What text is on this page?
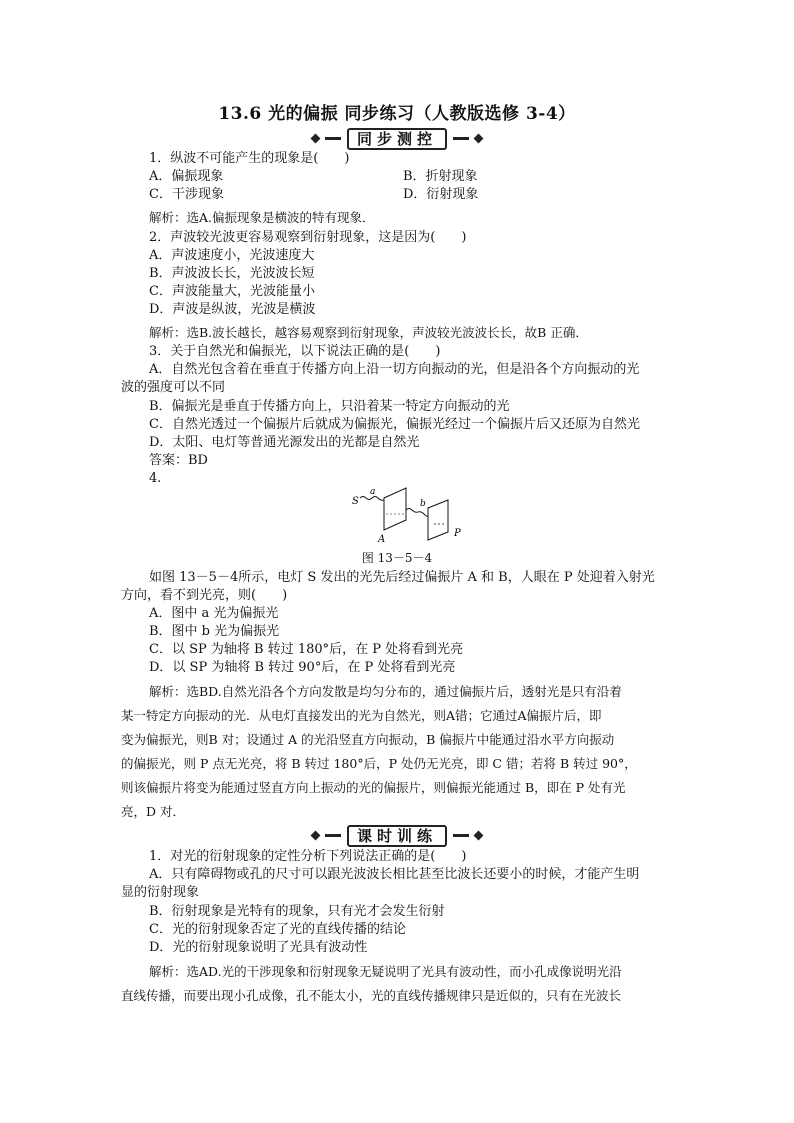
13.6 光的偏振 同步练习（人教版选修 3-4）
同步测控
1．纵波不可能产生的现象是(　　)
A．偏振现象	B．折射现象
C．干涉现象	D．衍射现象
解析：选A.偏振现象是横波的特有现象．
2．声波较光波更容易观察到衍射现象，这是因为(　　)
A．声波速度小，光波速度大
B．声波波长长，光波波长短
C．声波能量大，光波能量小
D．声波是纵波，光波是横波
解析：选B.波长越长，越容易观察到衍射现象，声波较光波波长长，故B 正确．
3．关于自然光和偏振光，以下说法正确的是(　　)
A．自然光包含着在垂直于传播方向上沿一切方向振动的光，但是沿各个方向振动的光
波的强度可以不同
B．偏振光是垂直于传播方向上，只沿着某一特定方向振动的光
C．自然光透过一个偏振片后就成为偏振光，偏振光经过一个偏振片后又还原为自然光
D．太阳、电灯等普通光源发出的光都是自然光
答案：BD
4.
S
a
b
A
P
图 13－5－4
如图 13－5－4所示，电灯 S 发出的光先后经过偏振片 A 和 B，人眼在 P 处迎着入射光
方向，看不到光亮，则(　　)
A．图中 a 光为偏振光
B．图中 b 光为偏振光
C．以 SP 为轴将 B 转过 180°后，在 P 处将看到光亮
D．以 SP 为轴将 B 转过 90°后，在 P 处将看到光亮
解析：选BD.自然光沿各个方向发散是均匀分布的，通过偏振片后，透射光是只有沿着
某一特定方向振动的光．从电灯直接发出的光为自然光，则A错；它通过A偏振片后，即
变为偏振光，则B 对；设通过 A 的光沿竖直方向振动，B 偏振片中能通过沿水平方向振动
的偏振光，则 P 点无光亮，将 B 转过 180°后，P 处仍无光亮，即 C 错；若将 B 转过 90°，
则该偏振片将变为能通过竖直方向上振动的光的偏振片，则偏振光能通过 B，即在 P 处有光
亮，D 对．
课时训练
1．对光的衍射现象的定性分析下列说法正确的是(　　)
A．只有障碍物或孔的尺寸可以跟光波波长相比甚至比波长还要小的时候，才能产生明
显的衍射现象
B．衍射现象是光特有的现象，只有光才会发生衍射
C．光的衍射现象否定了光的直线传播的结论
D．光的衍射现象说明了光具有波动性
解析：选AD.光的干涉现象和衍射现象无疑说明了光具有波动性，而小孔成像说明光沿
直线传播，而要出现小孔成像，孔不能太小，光的直线传播规律只是近似的，只有在光波长
